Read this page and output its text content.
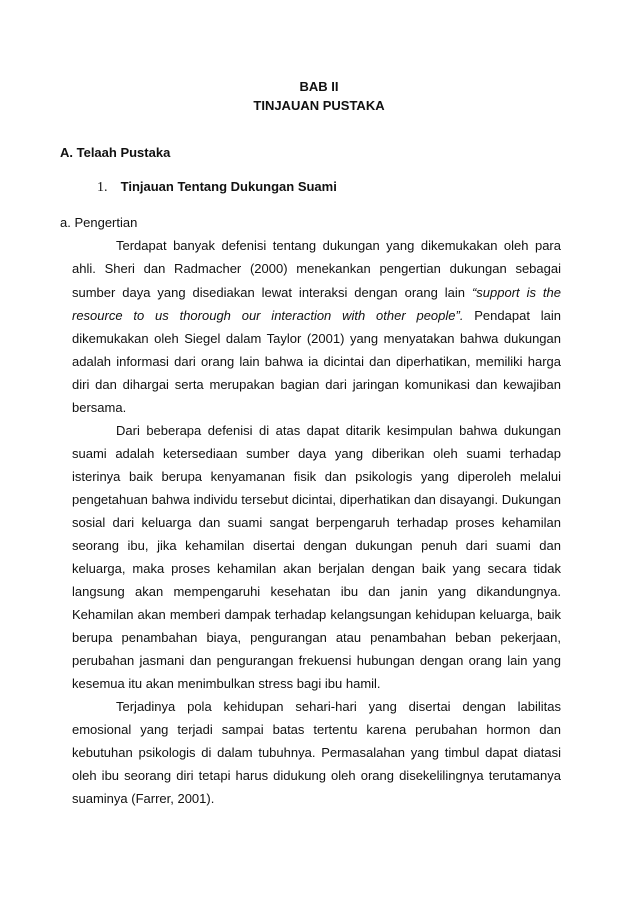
BAB II
TINJAUAN PUSTAKA
A. Telaah Pustaka
1. Tinjauan Tentang Dukungan Suami
a. Pengertian
Terdapat banyak defenisi tentang dukungan yang dikemukakan oleh para
ahli. Sheri dan Radmacher (2000) menekankan pengertian dukungan sebagai
sumber daya yang disediakan lewat interaksi dengan orang lain “support is the
resource to us thorough our interaction with other people”. Pendapat lain
dikemukakan oleh Siegel dalam Taylor (2001) yang menyatakan bahwa dukungan
adalah informasi dari orang lain bahwa ia dicintai dan diperhatikan, memiliki harga
diri dan dihargai serta merupakan bagian dari jaringan komunikasi dan kewajiban
bersama.
Dari beberapa defenisi di atas dapat ditarik kesimpulan bahwa dukungan
suami adalah ketersediaan sumber daya yang diberikan oleh suami terhadap
isterinya baik berupa kenyamanan fisik dan psikologis yang diperoleh melalui
pengetahuan bahwa individu tersebut dicintai, diperhatikan dan disayangi. Dukungan
sosial dari keluarga dan suami sangat berpengaruh terhadap proses kehamilan
seorang ibu, jika kehamilan disertai dengan dukungan penuh dari suami dan
keluarga, maka proses kehamilan akan berjalan dengan baik yang secara tidak
langsung akan mempengaruhi kesehatan ibu dan janin yang dikandungnya.
Kehamilan akan memberi dampak terhadap kelangsungan kehidupan keluarga, baik
berupa penambahan biaya, pengurangan atau penambahan beban pekerjaan,
perubahan jasmani dan pengurangan frekuensi hubungan dengan orang lain yang
kesemua itu akan menimbulkan stress bagi ibu hamil.
Terjadinya pola kehidupan sehari-hari yang disertai dengan labilitas
emosional yang terjadi sampai batas tertentu karena perubahan hormon dan
kebutuhan psikologis di dalam tubuhnya. Permasalahan yang timbul dapat diatasi
oleh ibu seorang diri tetapi harus didukung oleh orang disekelilingnya terutamanya
suaminya (Farrer, 2001).
